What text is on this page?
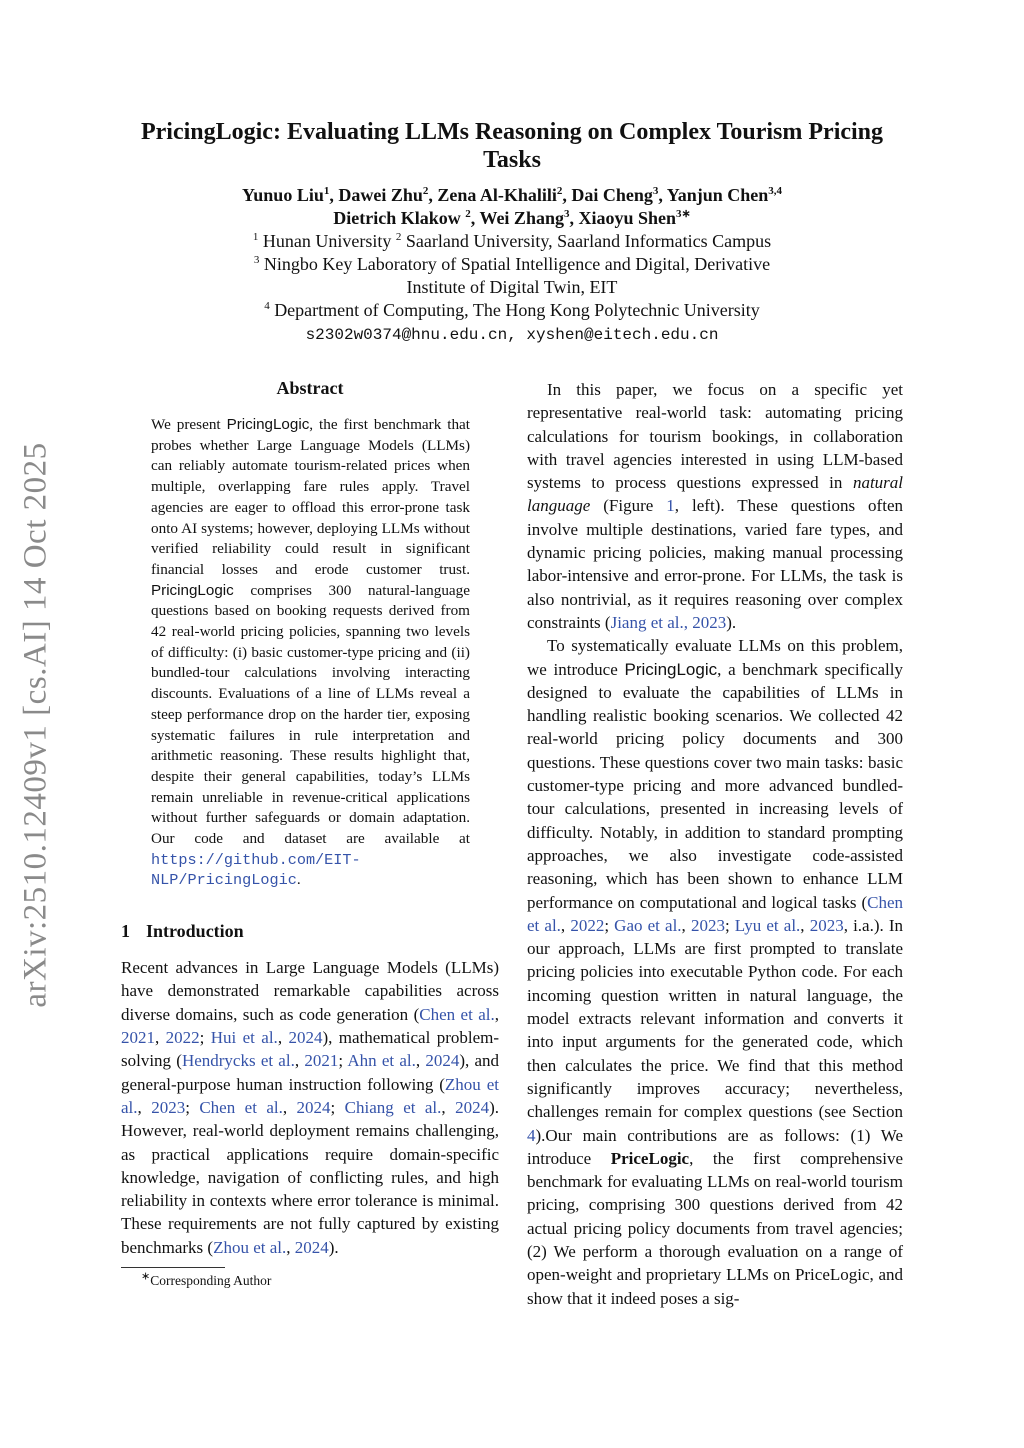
arXiv:2510.12409v1 [cs.AI] 14 Oct 2025
PricingLogic: Evaluating LLMs Reasoning on Complex Tourism Pricing Tasks
Yunuo Liu$^1$, Dawei Zhu$^2$, Zena Al-Khalili$^2$, Dai Cheng$^3$, Yanjun Chen$^{3,4}$
Dietrich Klakow $^2$, Wei Zhang$^3$, Xiaoyu Shen$^{3∗}$
$^1$ Hunan University $^2$ Saarland University, Saarland Informatics Campus
$^3$ Ningbo Key Laboratory of Spatial Intelligence and Digital, Derivative
Institute of Digital Twin, EIT
$^4$ Department of Computing, The Hong Kong Polytechnic University
s2302w0374@hnu.edu.cn, xyshen@eitech.edu.cn
Abstract

We present PricingLogic, the first benchmark that probes whether Large Language Models (LLMs) can reliably automate tourism-related prices when multiple, overlapping fare rules apply. Travel agencies are eager to offload this error-prone task onto AI systems; however, deploying LLMs without verified reliability could result in significant financial losses and erode customer trust. PricingLogic comprises 300 natural-language questions based on booking requests derived from 42 real-world pricing policies, spanning two levels of difficulty: (i) basic customer-type pricing and (ii) bundled-tour calculations involving interacting discounts. Evaluations of a line of LLMs reveal a steep performance drop on the harder tier, exposing systematic failures in rule interpretation and arithmetic reasoning. These results highlight that, despite their general capabilities, today’s LLMs remain unreliable in revenue-critical applications without further safeguards or domain adaptation. Our code and dataset are available at https://github.com/EIT-NLP/PricingLogic.

1 Introduction

Recent advances in Large Language Models (LLMs) have demonstrated remarkable capabilities across diverse domains, such as code generation (Chen et al., 2021, 2022; Hui et al., 2024), mathematical problem-solving (Hendrycks et al., 2021; Ahn et al., 2024), and general-purpose human instruction following (Zhou et al., 2023; Chen et al., 2024; Chiang et al., 2024). However, real-world deployment remains challenging, as practical applications require domain-specific knowledge, navigation of conflicting rules, and high reliability in contexts where error tolerance is minimal. These requirements are not fully captured by existing benchmarks (Zhou et al., 2024).

∗Corresponding Author

In this paper, we focus on a specific yet representative real-world task: automating pricing calculations for tourism bookings, in collaboration with travel agencies interested in using LLM-based systems to process questions expressed in natural language (Figure 1, left). These questions often involve multiple destinations, varied fare types, and dynamic pricing policies, making manual processing labor-intensive and error-prone. For LLMs, the task is also nontrivial, as it requires reasoning over complex constraints (Jiang et al., 2023).

To systematically evaluate LLMs on this problem, we introduce PricingLogic, a benchmark specifically designed to evaluate the capabilities of LLMs in handling realistic booking scenarios. We collected 42 real-world pricing policy documents and 300 questions. These questions cover two main tasks: basic customer-type pricing and more advanced bundled-tour calculations, presented in increasing levels of difficulty. Notably, in addition to standard prompting approaches, we also investigate code-assisted reasoning, which has been shown to enhance LLM performance on computational and logical tasks (Chen et al., 2022; Gao et al., 2023; Lyu et al., 2023, i.a.). In our approach, LLMs are first prompted to translate pricing policies into executable Python code. For each incoming question written in natural language, the model extracts relevant information and converts it into input arguments for the generated code, which then calculates the price. We find that this method significantly improves accuracy; nevertheless, challenges remain for complex questions (see Section 4).Our main contributions are as follows: (1) We introduce PriceLogic, the first comprehensive benchmark for evaluating LLMs on real-world tourism pricing, comprising 300 questions derived from 42 actual pricing policy documents from travel agencies; (2) We perform a thorough evaluation on a range of open-weight and proprietary LLMs on PriceLogic, and show that it indeed poses a sig-
